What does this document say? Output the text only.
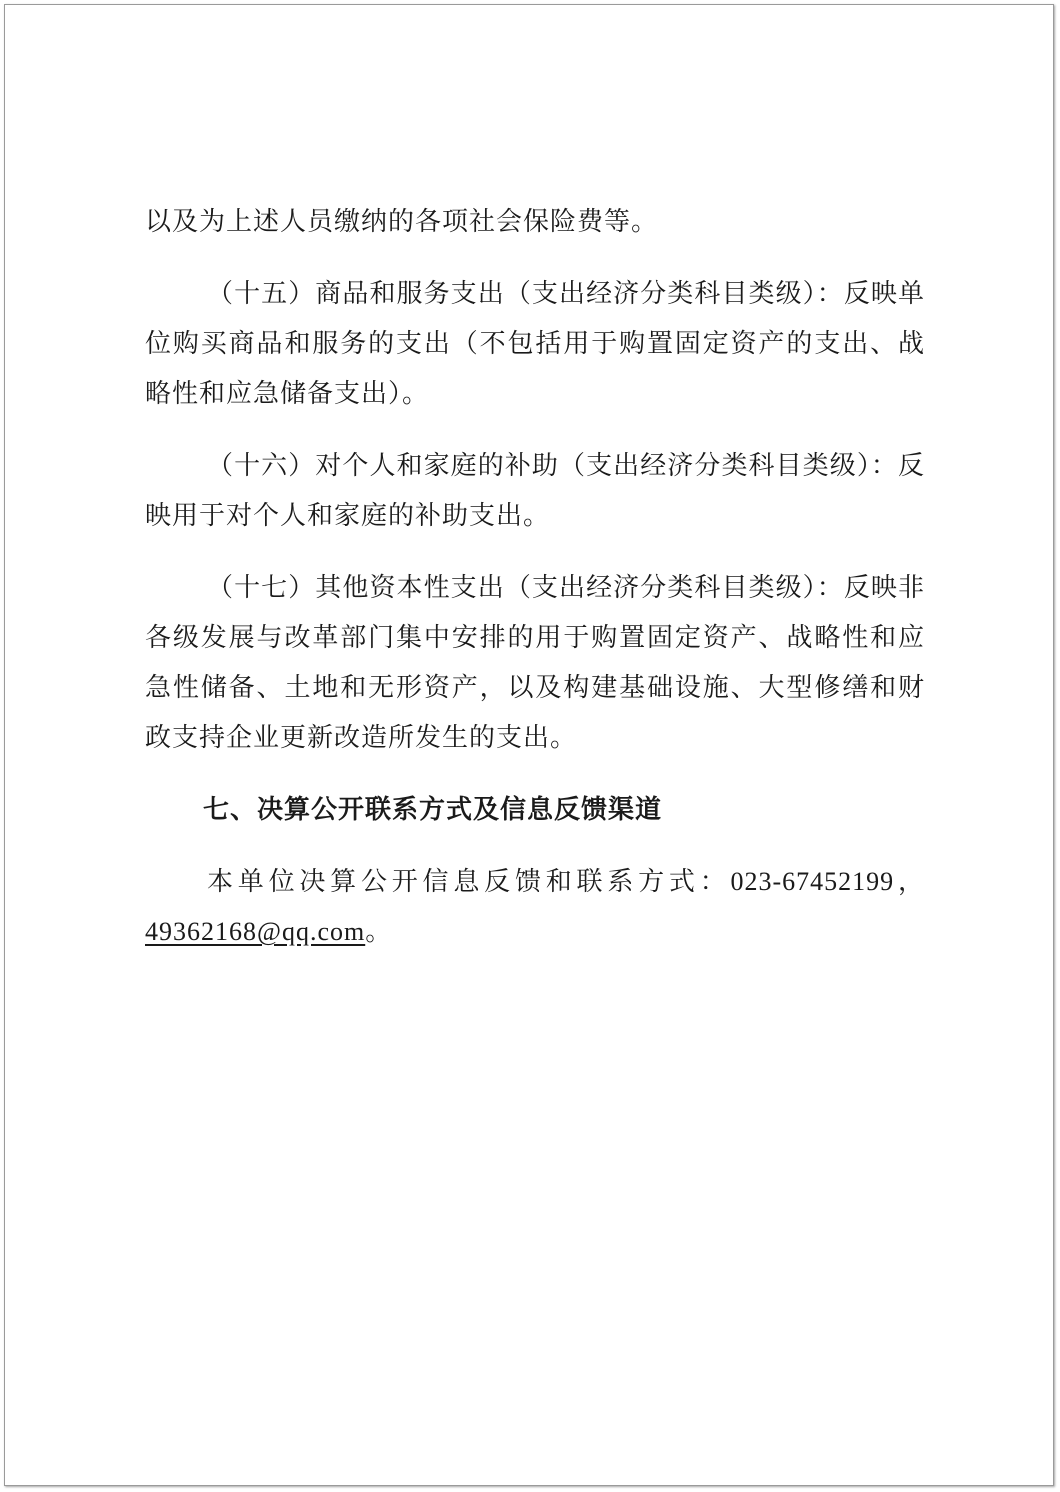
以及为上述人员缴纳的各项社会保险费等。

（十五）商品和服务支出（支出经济分类科目类级）：反映单位购买商品和服务的支出（不包括用于购置固定资产的支出、战略性和应急储备支出）。

（十六）对个人和家庭的补助（支出经济分类科目类级）：反映用于对个人和家庭的补助支出。

（十七）其他资本性支出（支出经济分类科目类级）：反映非各级发展与改革部门集中安排的用于购置固定资产、战略性和应急性储备、土地和无形资产，以及构建基础设施、大型修缮和财政支持企业更新改造所发生的支出。

七、决算公开联系方式及信息反馈渠道

本单位决算公开信息反馈和联系方式：023-67452199，49362168@qq.com。
